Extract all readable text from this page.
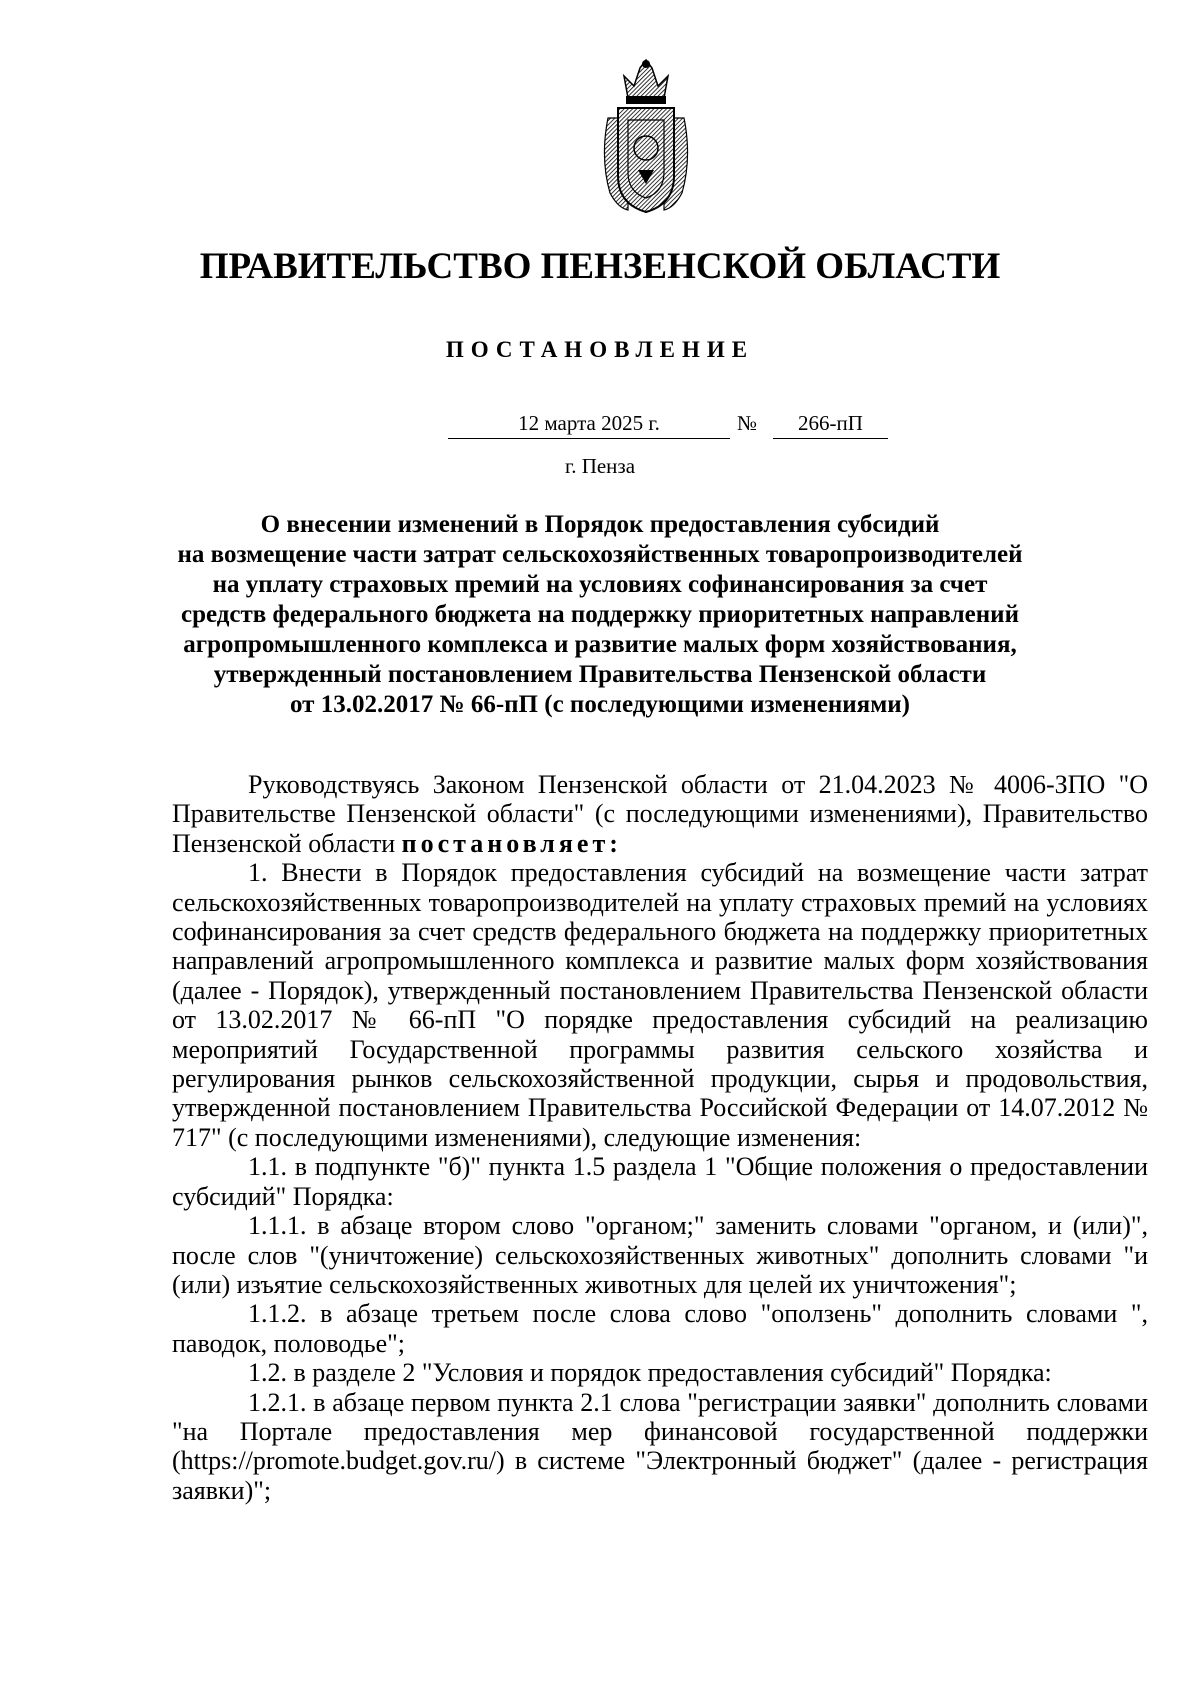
ПРАВИТЕЛЬСТВО ПЕНЗЕНСКОЙ ОБЛАСТИ
ПОСТАНОВЛЕНИЕ
12 марта 2025 г.	№	266-пП
г. Пенза
О внесении изменений в Порядок предоставления субсидий
на возмещение части затрат сельскохозяйственных товаропроизводителей
на уплату страховых премий на условиях софинансирования за счет
средств федерального бюджета на поддержку приоритетных направлений
агропромышленного комплекса и развитие малых форм хозяйствования,
утвержденный постановлением Правительства Пензенской области
от 13.02.2017 № 66-пП (с последующими изменениями)

Руководствуясь Законом Пензенской области от 21.04.2023 № 4006-ЗПО "О Правительстве Пензенской области" (с последующими изменениями), Правительство Пензенской области постановляет:

1. Внести в Порядок предоставления субсидий на возмещение части затрат сельскохозяйственных товаропроизводителей на уплату страховых премий на условиях софинансирования за счет средств федерального бюджета на поддержку приоритетных направлений агропромышленного комплекса и развитие малых форм хозяйствования (далее - Порядок), утвержденный постановлением Правительства Пензенской области от 13.02.2017 № 66-пП "О порядке предоставления субсидий на реализацию мероприятий Государственной программы развития сельского хозяйства и регулирования рынков сельскохозяйственной продукции, сырья и продовольствия, утвержденной постановлением Правительства Российской Федерации от 14.07.2012 № 717" (с последующими изменениями), следующие изменения:

1.1. в подпункте "б)" пункта 1.5 раздела 1 "Общие положения о предоставлении субсидий" Порядка:

1.1.1. в абзаце втором слово "органом;" заменить словами "органом, и (или)", после слов "(уничтожение) сельскохозяйственных животных" дополнить словами "и (или) изъятие сельскохозяйственных животных для целей их уничтожения";

1.1.2. в абзаце третьем после слова слово "оползень" дополнить словами ", паводок, половодье";

1.2. в разделе 2 "Условия и порядок предоставления субсидий" Порядка:

1.2.1. в абзаце первом пункта 2.1 слова "регистрации заявки" дополнить словами "на Портале предоставления мер финансовой государственной поддержки (https://promote.budget.gov.ru/) в системе "Электронный бюджет" (далее - регистрация заявки)";
